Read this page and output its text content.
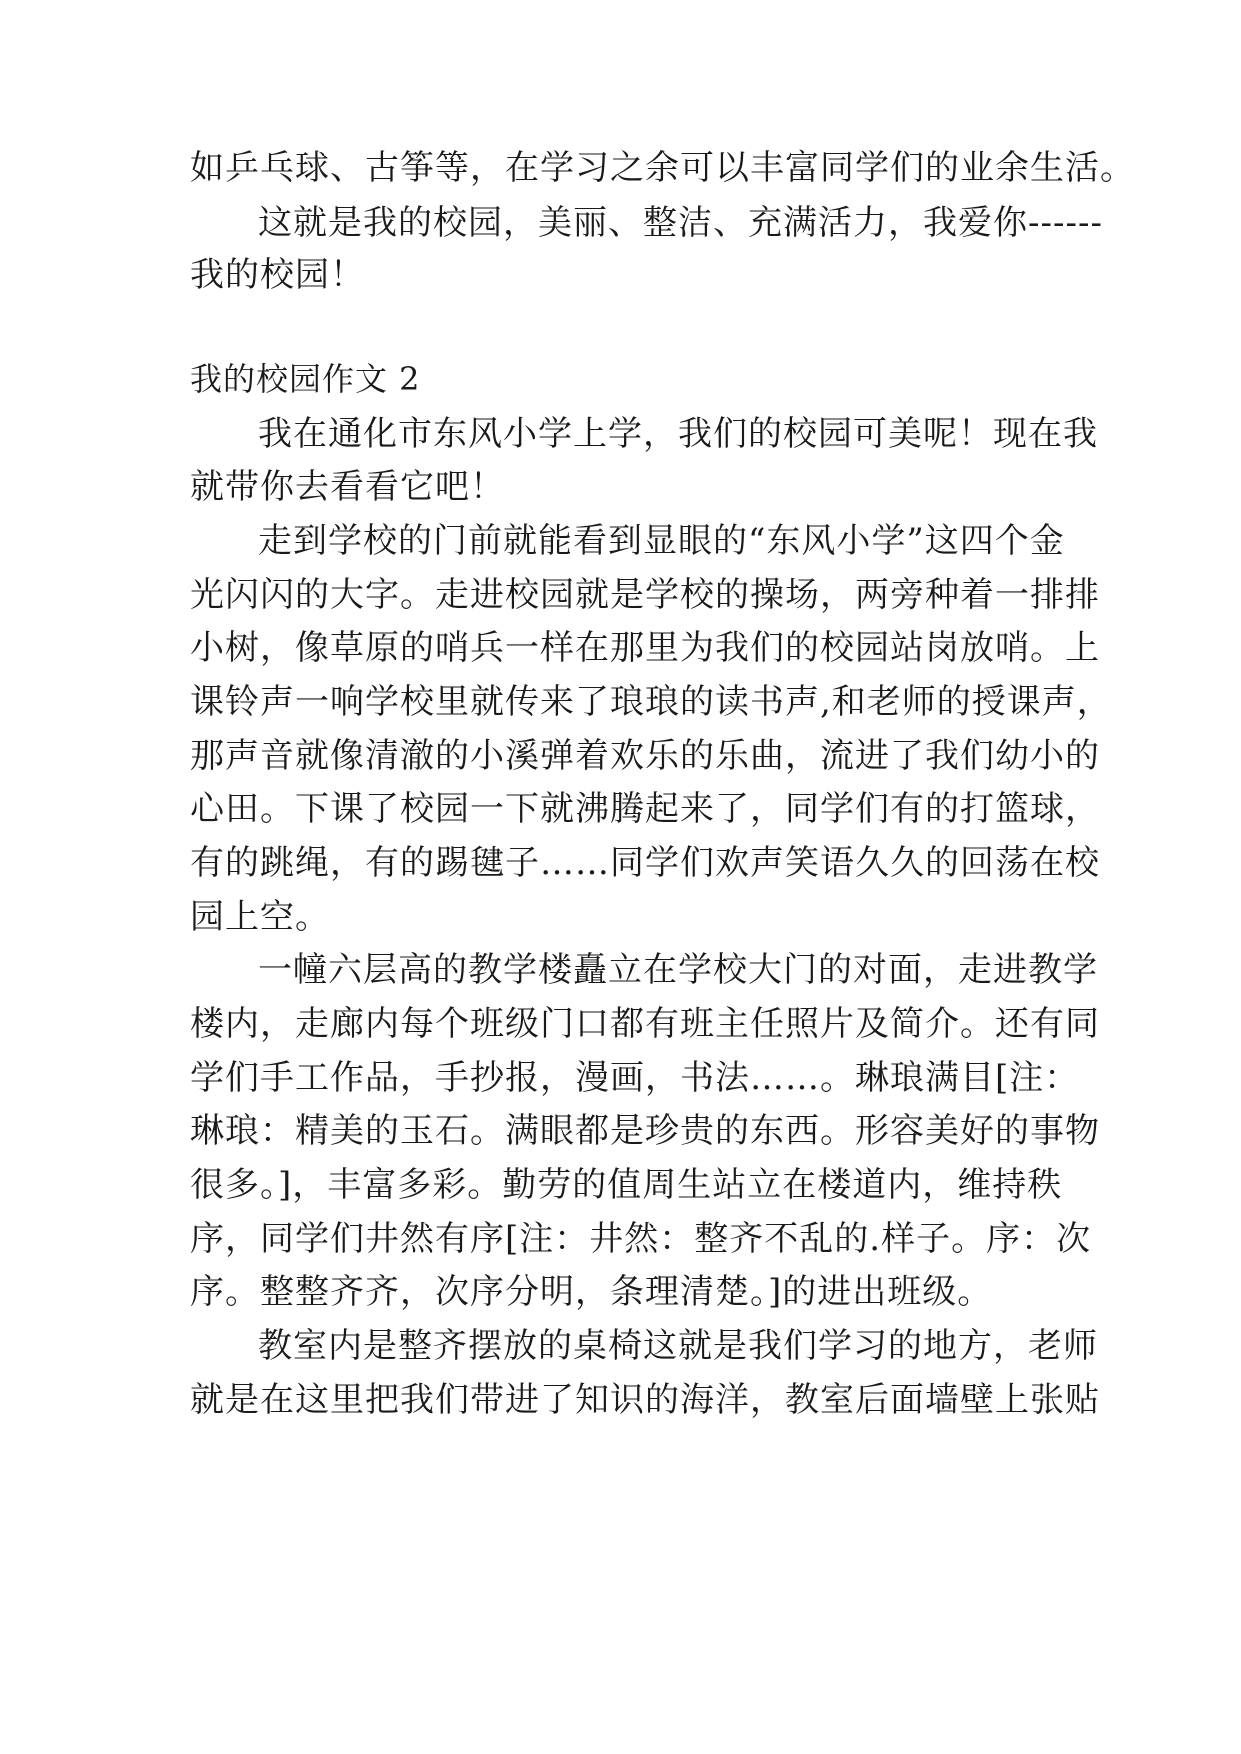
如乒乓球、古筝等，在学习之余可以丰富同学们的业余生活。
这就是我的校园，美丽、整洁、充满活力，我爱你------
我的校园！
我的校园作文 2
我在通化市东风小学上学，我们的校园可美呢！现在我
就带你去看看它吧！
走到学校的门前就能看到显眼的“东风小学”这四个金
光闪闪的大字。走进校园就是学校的操场，两旁种着一排排
小树，像草原的哨兵一样在那里为我们的校园站岗放哨。上
课铃声一响学校里就传来了琅琅的读书声,和老师的授课声，
那声音就像清澈的小溪弹着欢乐的乐曲，流进了我们幼小的
心田。下课了校园一下就沸腾起来了，同学们有的打篮球，
有的跳绳，有的踢毽子……同学们欢声笑语久久的回荡在校
园上空。
一幢六层高的教学楼矗立在学校大门的对面，走进教学
楼内，走廊内每个班级门口都有班主任照片及简介。还有同
学们手工作品，手抄报，漫画，书法……。琳琅满目[注：
琳琅：精美的玉石。满眼都是珍贵的东西。形容美好的事物
很多。]，丰富多彩。勤劳的值周生站立在楼道内，维持秩
序，同学们井然有序[注：井然：整齐不乱的.样子。序：次
序。整整齐齐，次序分明，条理清楚。]的进出班级。
教室内是整齐摆放的桌椅这就是我们学习的地方，老师
就是在这里把我们带进了知识的海洋，教室后面墙壁上张贴
